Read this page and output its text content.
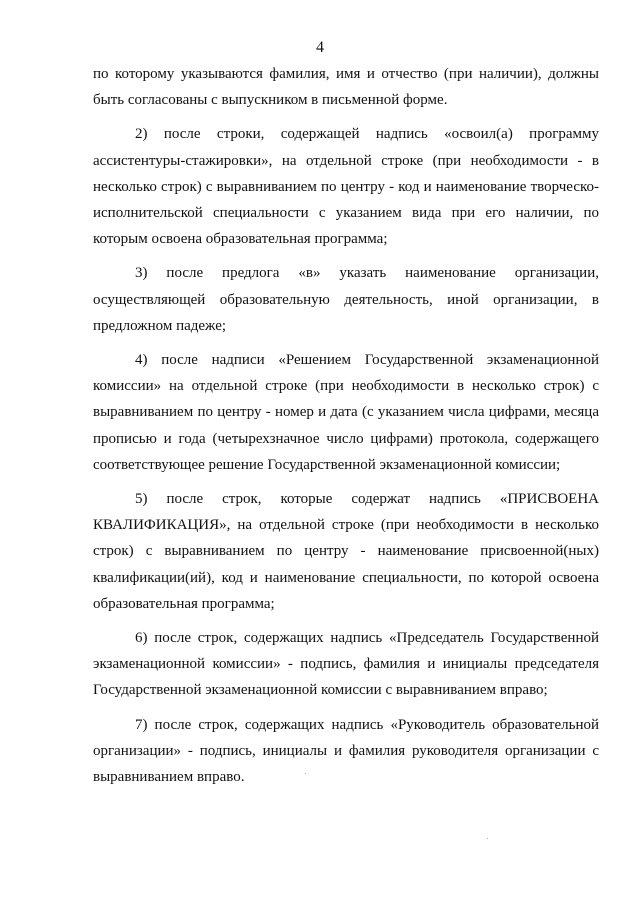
4

по которому указываются фамилия, имя и отчество (при наличии), должны быть согласованы с выпускником в письменной форме.

2) после строки, содержащей надпись «освоил(а) программу ассистентуры-стажировки», на отдельной строке (при необходимости - в несколько строк) с выравниванием по центру - код и наименование творческо-исполнительской специальности с указанием вида при его наличии, по которым освоена образовательная программа;

3) после предлога «в» указать наименование организации, осуществляющей образовательную деятельность, иной организации, в предложном падеже;

4) после надписи «Решением Государственной экзаменационной комиссии» на отдельной строке (при необходимости в несколько строк) с выравниванием по центру - номер и дата (с указанием числа цифрами, месяца прописью и года (четырехзначное число цифрами) протокола, содержащего соответствующее решение Государственной экзаменационной комиссии;

5) после строк, которые содержат надпись «ПРИСВОЕНА КВАЛИФИКАЦИЯ», на отдельной строке (при необходимости в несколько строк) с выравниванием по центру - наименование присвоенной(ных) квалификации(ий), код и наименование специальности, по которой освоена образовательная программа;

6) после строк, содержащих надпись «Председатель Государственной экзаменационной комиссии» - подпись, фамилия и инициалы председателя Государственной экзаменационной комиссии с выравниванием вправо;

7) после строк, содержащих надпись «Руководитель образовательной организации» - подпись, инициалы и фамилия руководителя организации с выравниванием вправо.
